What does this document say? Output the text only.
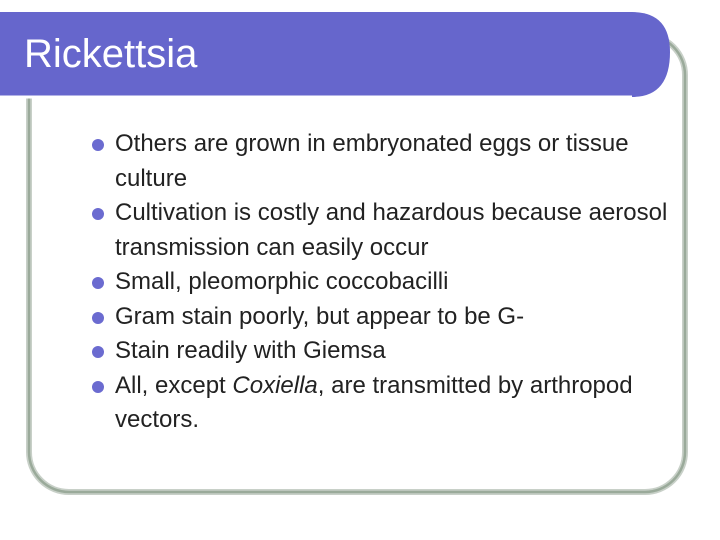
Rickettsia
Others are grown in embryonated eggs or tissue culture
Cultivation is costly and hazardous because aerosol transmission can easily occur
Small, pleomorphic coccobacilli
Gram stain poorly, but appear to be G-
Stain readily with Giemsa
All, except Coxiella, are transmitted by arthropod vectors.
